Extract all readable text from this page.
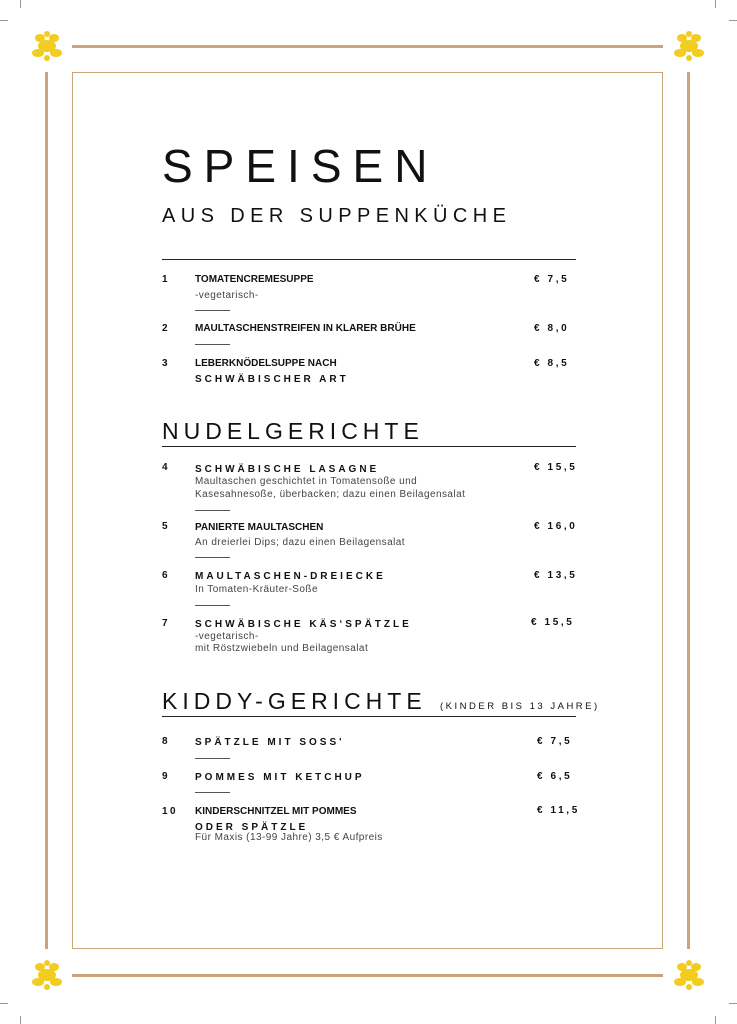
SPEISEN
AUS DER SUPPENKÜCHE
1	TOMATENCREMESUPPE	€ 7,5
-vegetarisch-
2	MAULTASCHENSTREIFEN IN KLARER BRÜHE	€ 8,0
3	LEBERKNÖDELSUPPE NACH	€ 8,5
SCHWÄBISCHER ART
NUDELGERICHTE
4	SCHWÄBISCHE LASAGNE	€ 15,5
Maultaschen geschichtet in Tomatensoße und
Kasesahnesoße, überbacken; dazu einen Beilagensalat
5	PANIERTE MAULTASCHEN	€ 16,0
An dreierlei Dips; dazu einen Beilagensalat
6	MAULTASCHEN-DREIECKE	€ 13,5
In Tomaten-Kräuter-Soße
7	SCHWÄBISCHE KÄS‘SPÄTZLE	€ 15,5
-vegetarisch-
mit Röstzwiebeln und Beilagensalat
KIDDY-GERICHTE (KINDER BIS 13 JAHRE)
8	SPÄTZLE MIT SOSS'	€ 7,5
9	POMMES MIT KETCHUP	€ 6,5
10 KINDERSCHNITZEL MIT POMMES	€ 11,5
ODER SPÄTZLE
Für Maxis (13-99 Jahre) 3,5 € Aufpreis
